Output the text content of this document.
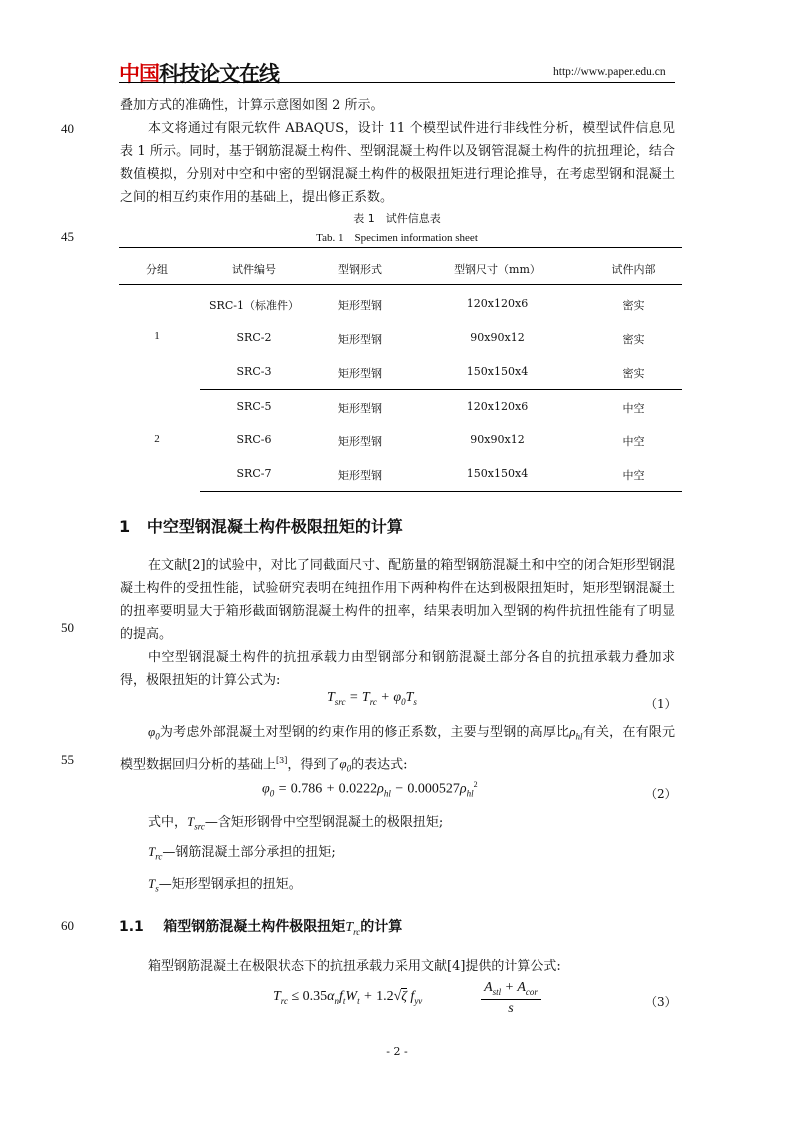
中国科技论文在线	http://www.paper.edu.cn
40
45
50
55
60
叠加方式的准确性，计算示意图如图 2 所示。
本文将通过有限元软件 ABAQUS，设计 11 个模型试件进行非线性分析，模型试件信息见表 1 所示。同时，基于钢筋混凝土构件、型钢混凝土构件以及钢管混凝土构件的抗扭理论，结合数值模拟，分别对中空和中密的型钢混凝土构件的极限扭矩进行理论推导，在考虑型钢和混凝土之间的相互约束作用的基础上，提出修正系数。
表 1　试件信息表
Tab. 1　Specimen information sheet
分组	试件编号	型钢形式	型钢尺寸（mm）	试件内部
1
SRC-1（标准件）	矩形型钢	120x120x6	密实
SRC-2	矩形型钢	90x90x12	密实
SRC-3	矩形型钢	150x150x4	密实
2
SRC-5	矩形型钢	120x120x6	中空
SRC-6	矩形型钢	90x90x12	中空
SRC-7	矩形型钢	150x150x4	中空
1 中空型钢混凝土构件极限扭矩的计算
在文献[2]的试验中，对比了同截面尺寸、配筋量的箱型钢筋混凝土和中空的闭合矩形型钢混凝土构件的受扭性能，试验研究表明在纯扭作用下两种构件在达到极限扭矩时，矩形型钢混凝土的扭率要明显大于箱形截面钢筋混凝土构件的扭率，结果表明加入型钢的构件抗扭性能有了明显的提高。
中空型钢混凝土构件的抗扭承载力由型钢部分和钢筋混凝土部分各自的抗扭承载力叠加求得，极限扭矩的计算公式为:
$T_{src} = T_{rc} + \varphi_0T_s$	（1）
$\varphi_0$为考虑外部混凝土对型钢的约束作用的修正系数，主要与型钢的高厚比$\rho_{hl}$有关，在有限元模型数据回归分析的基础上[3]，得到了$\varphi_0$的表达式:
$\varphi_0 = 0.786 + 0.0222\rho_{hl} - 0.000527\rho_{hl}^2$
（2）
式中，$T_{src}—$含矩形钢骨中空型钢混凝土的极限扭矩;
$T_{rc}—$钢筋混凝土部分承担的扭矩;
$T_s—$矩形型钢承担的扭矩。
1.1 箱型钢筋混凝土构件极限扭矩$T_{rc}$的计算
箱型钢筋混凝土在极限状态下的抗扭承载力采用文献[4]提供的计算公式:
$T_{rc} \le 0.35\alpha_nf_tW_t + 1.2√\zeta$ $f_{yv}$
$A_{stl} + A_{cor}$
s	（3）
- 2 -
